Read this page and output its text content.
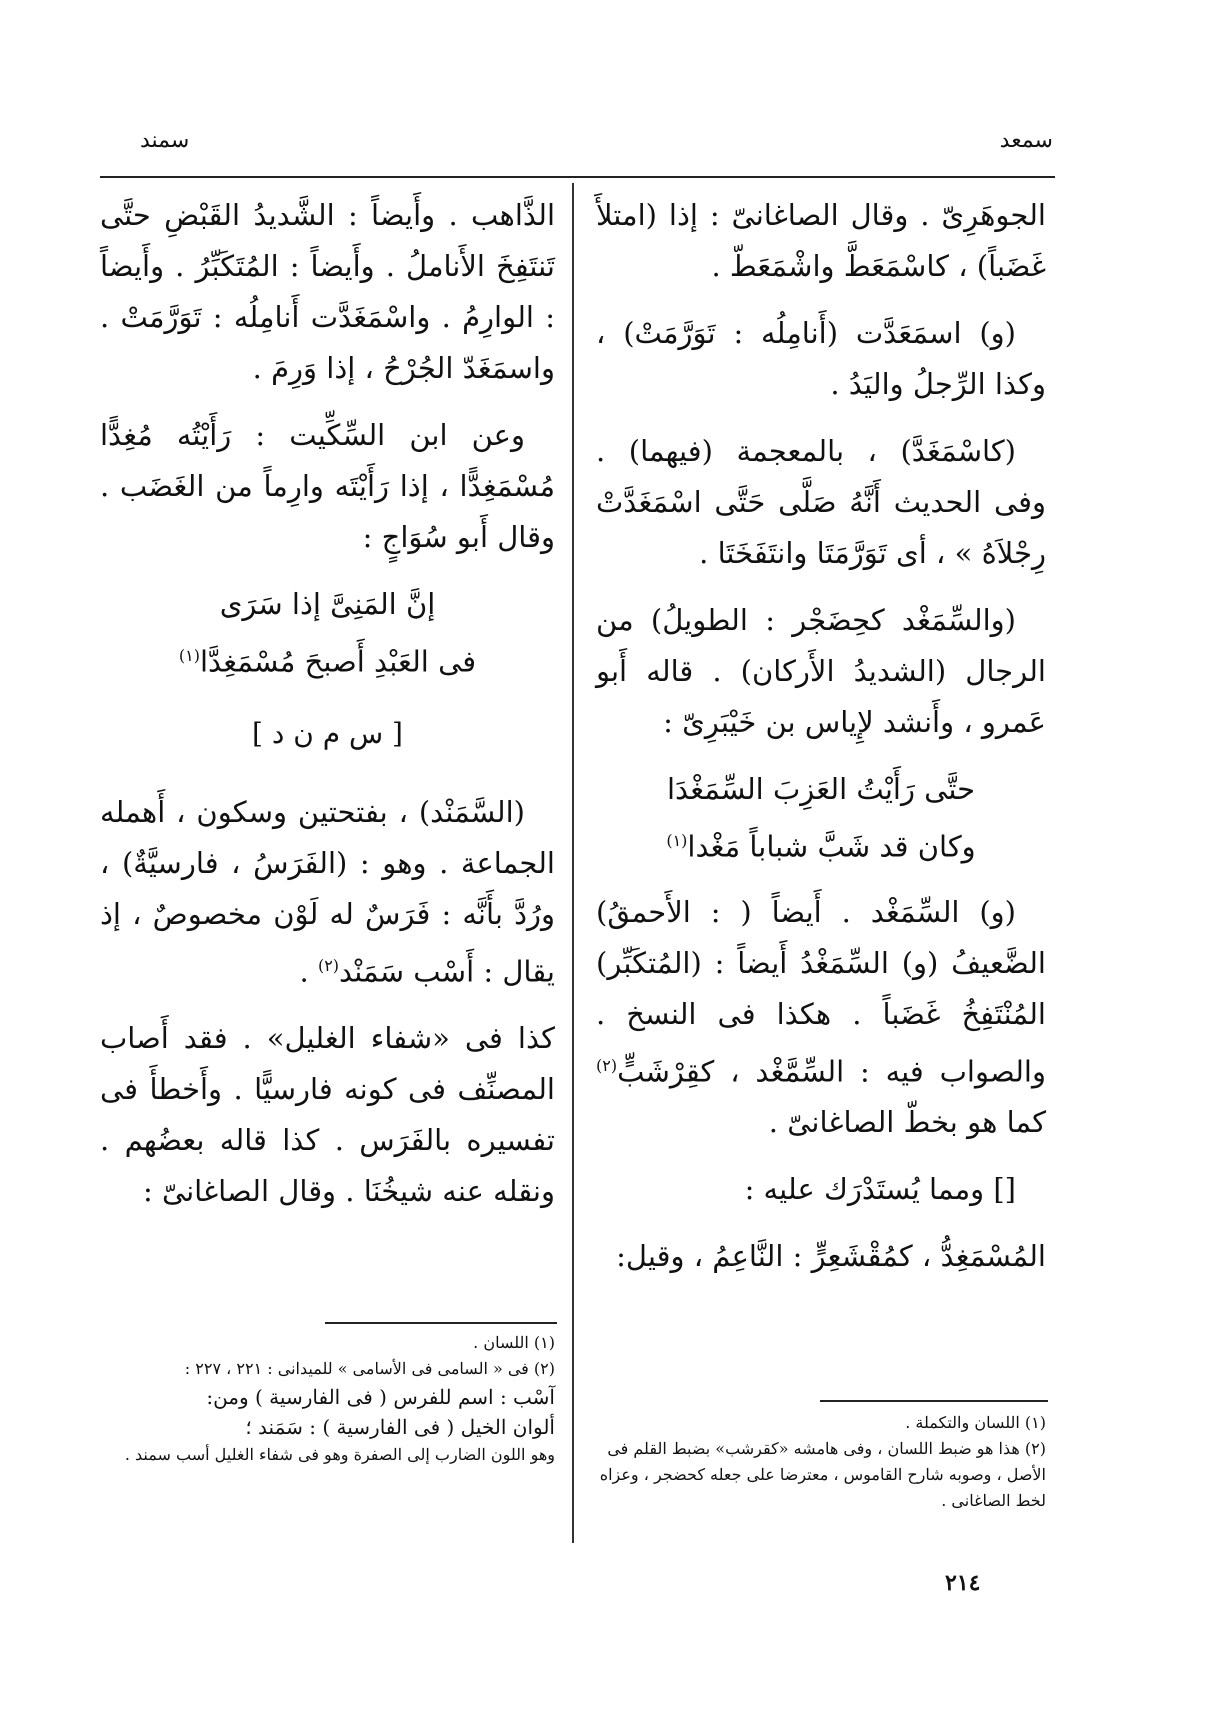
سمند	سمعد

الجوهَرِىّ . وقال الصاغانىّ : إذا (امتلأَ غَضَباً) ، كاسْمَعَطَّ واشْمَعَطّ .

(و) اسمَعَدَّت (أَنامِلُه : تَوَرَّمَتْ) ، وكذا الرِّجلُ واليَدُ .

(كاسْمَغَدَّ) ، بالمعجمة (فيهما) . وفى الحديث أَنَّهُ صَلَّى حَتَّى اسْمَغَدَّتْ رِجْلاَهُ » ، أى تَوَرَّمَتَا وانتَفَخَتَا .

(والسِّمَغْد كحِضَجْر : الطويلُ) من الرجال (الشديدُ الأَركان) . قاله أَبو عَمرو ، وأَنشد لإِياس بن خَيْبَرِىّ :

حتَّى رَأَيْتُ العَزِبَ السِّمَغْدَا
وكان قد شَبَّ شباباً مَغْدا$^{(١)}$

(و) السِّمَغْد . أَيضاً ( : الأَحمقُ) الضَّعيفُ (و) السِّمَغْدُ أَيضاً : (المُتكَبِّر) المُنْتَفِخُ غَضَباً . هكذا فى النسخ . والصواب فيه : السِّمَّغْد ، كقِرْشَبٍّ$^{(٢)}$ كما هو بخطّ الصاغانىّ .

[] ومما يُستَدْرَك عليه :

المُسْمَغِدُّ ، كمُقْشَعِرٍّ : النَّاعِمُ ، وقيل:

الذَّاهب . وأَيضاً : الشَّديدُ القَبْضِ حتَّى تَنتَفِخَ الأَناملُ . وأَيضاً : المُتَكَبِّرُ . وأَيضاً : الوارِمُ . واسْمَغَدَّت أَنامِلُه : تَوَرَّمَتْ . واسمَغَدّ الجُرْحُ ، إذا وَرِمَ .

وعن ابن السِّكِّيت : رَأَيْتُه مُغِدًّا مُسْمَغِدًّا ، إذا رَأَيْتَه وارِماً من الغَضَب . وقال أَبو سُوَاجٍ :

إنَّ المَنِىَّ إذا سَرَى
فى العَبْدِ أَصبحَ مُسْمَغِدَّا$^{(١)}$
[ س م ن د ]

(السَّمَنْد) ، بفتحتين وسكون ، أَهمله الجماعة . وهو : (الفَرَسُ ، فارسيَّةٌ) ، ورُدَّ بأَنَّه : فَرَسٌ له لَوْن مخصوصٌ ، إذ يقال : أَسْب سَمَنْد$^{(٢)}$ .

كذا فى «شفاء الغليل» . فقد أَصاب المصنِّف فى كونه فارسيًّا . وأَخطأَ فى تفسيره بالفَرَس . كذا قاله بعضُهم . ونقله عنه شيخُنَا . وقال الصاغانىّ :

(١) اللسان والتكملة .
(٢) هذا هو ضبط اللسان ، وفى هامشه «كقرشب» بضبط القلم فى الأصل ، وصوبه شارح القاموس ، معترضا على جعله كحضجر ، وعزاه لخط الصاغانى .
(١) اللسان .
(٢) فى « السامى فى الأسامى » للميدانى : ٢٢١ ، ٢٢٧ :
آسْب : اسم للفرس ( فى الفارسية ) ومن:
ألوان الخيل ( فى الفارسية ) : سَمَند ؛
وهو اللون الضارب إلى الصفرة وهو فى شفاء الغليل أسب سمند .
٢١٤
